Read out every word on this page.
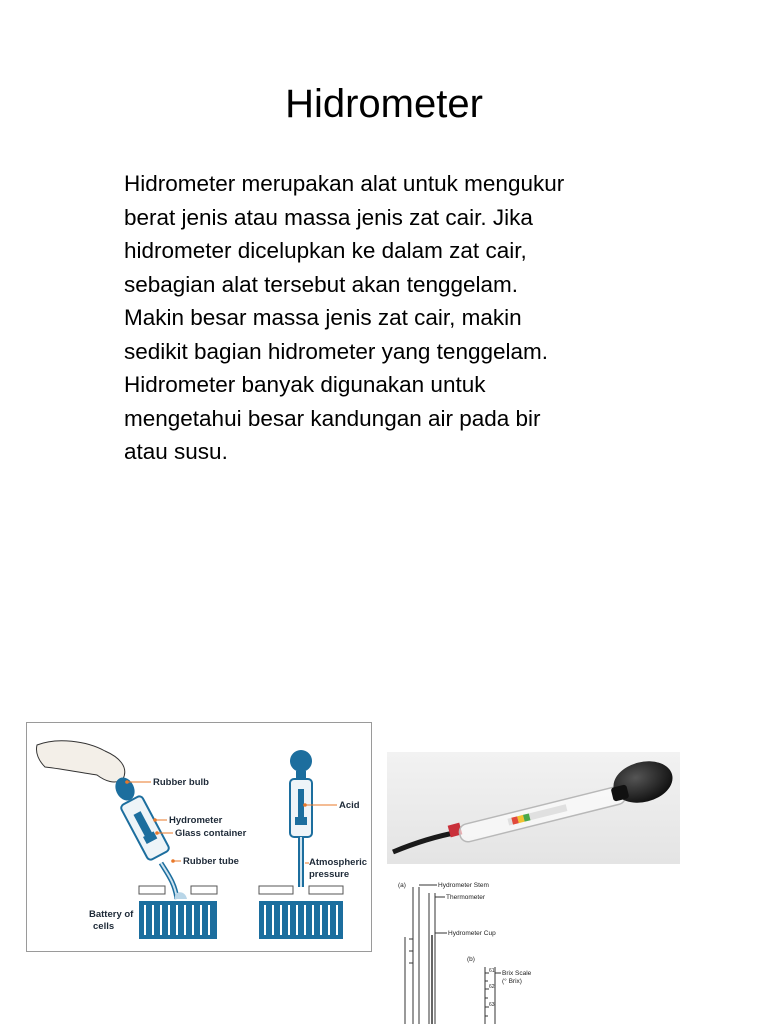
Hidrometer
Hidrometer merupakan alat untuk mengukur
berat jenis atau massa jenis zat cair. Jika
hidrometer dicelupkan ke dalam zat cair,
sebagian alat tersebut akan tenggelam.
Makin besar massa jenis zat cair, makin
sedikit bagian hidrometer yang tenggelam.
Hidrometer banyak digunakan untuk
mengetahui besar kandungan air pada bir
atau susu.
Rubber bulb
Hydrometer
Glass container
Rubber tube
Battery of
cells
Acid
Atmospheric
pressure
(a)	Hydrometer Stem
Thermometer
Hydrometer Cup
(b)
Brix Scale
(° Brix)
61
62
63
